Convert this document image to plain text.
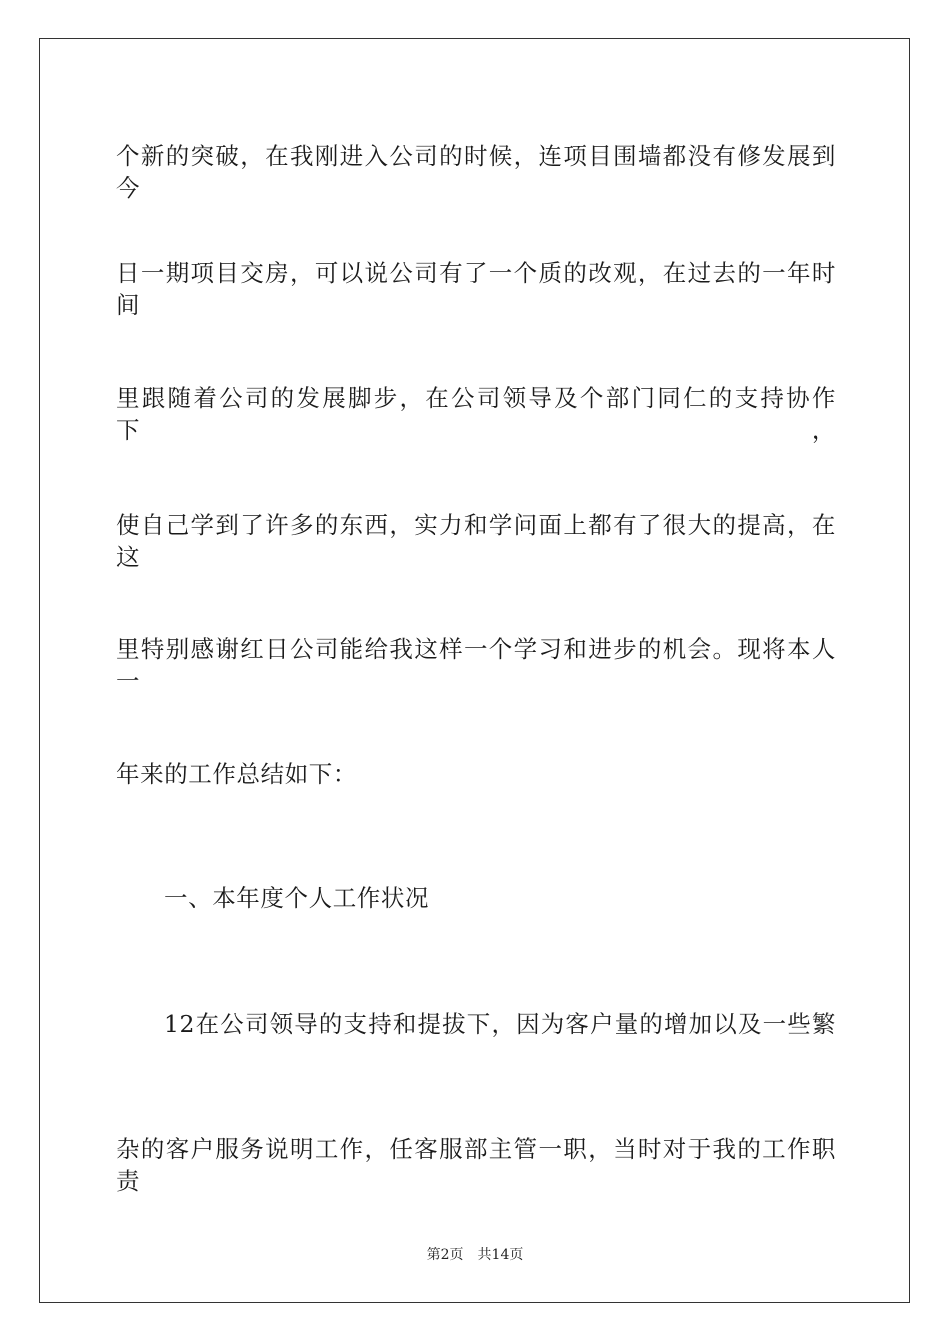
个新的突破，在我刚进入公司的时候，连项目围墙都没有修发展到今
日一期项目交房，可以说公司有了一个质的改观，在过去的一年时间
里跟随着公司的发展脚步，在公司领导及个部门同仁的支持协作下，
使自己学到了许多的东西，实力和学问面上都有了很大的提高，在这
里特别感谢红日公司能给我这样一个学习和进步的机会。现将本人一
年来的工作总结如下：
一、本年度个人工作状况
12在公司领导的支持和提拔下，因为客户量的增加以及一些繁
杂的客户服务说明工作，任客服部主管一职，当时对于我的工作职责
第2页 共14页
